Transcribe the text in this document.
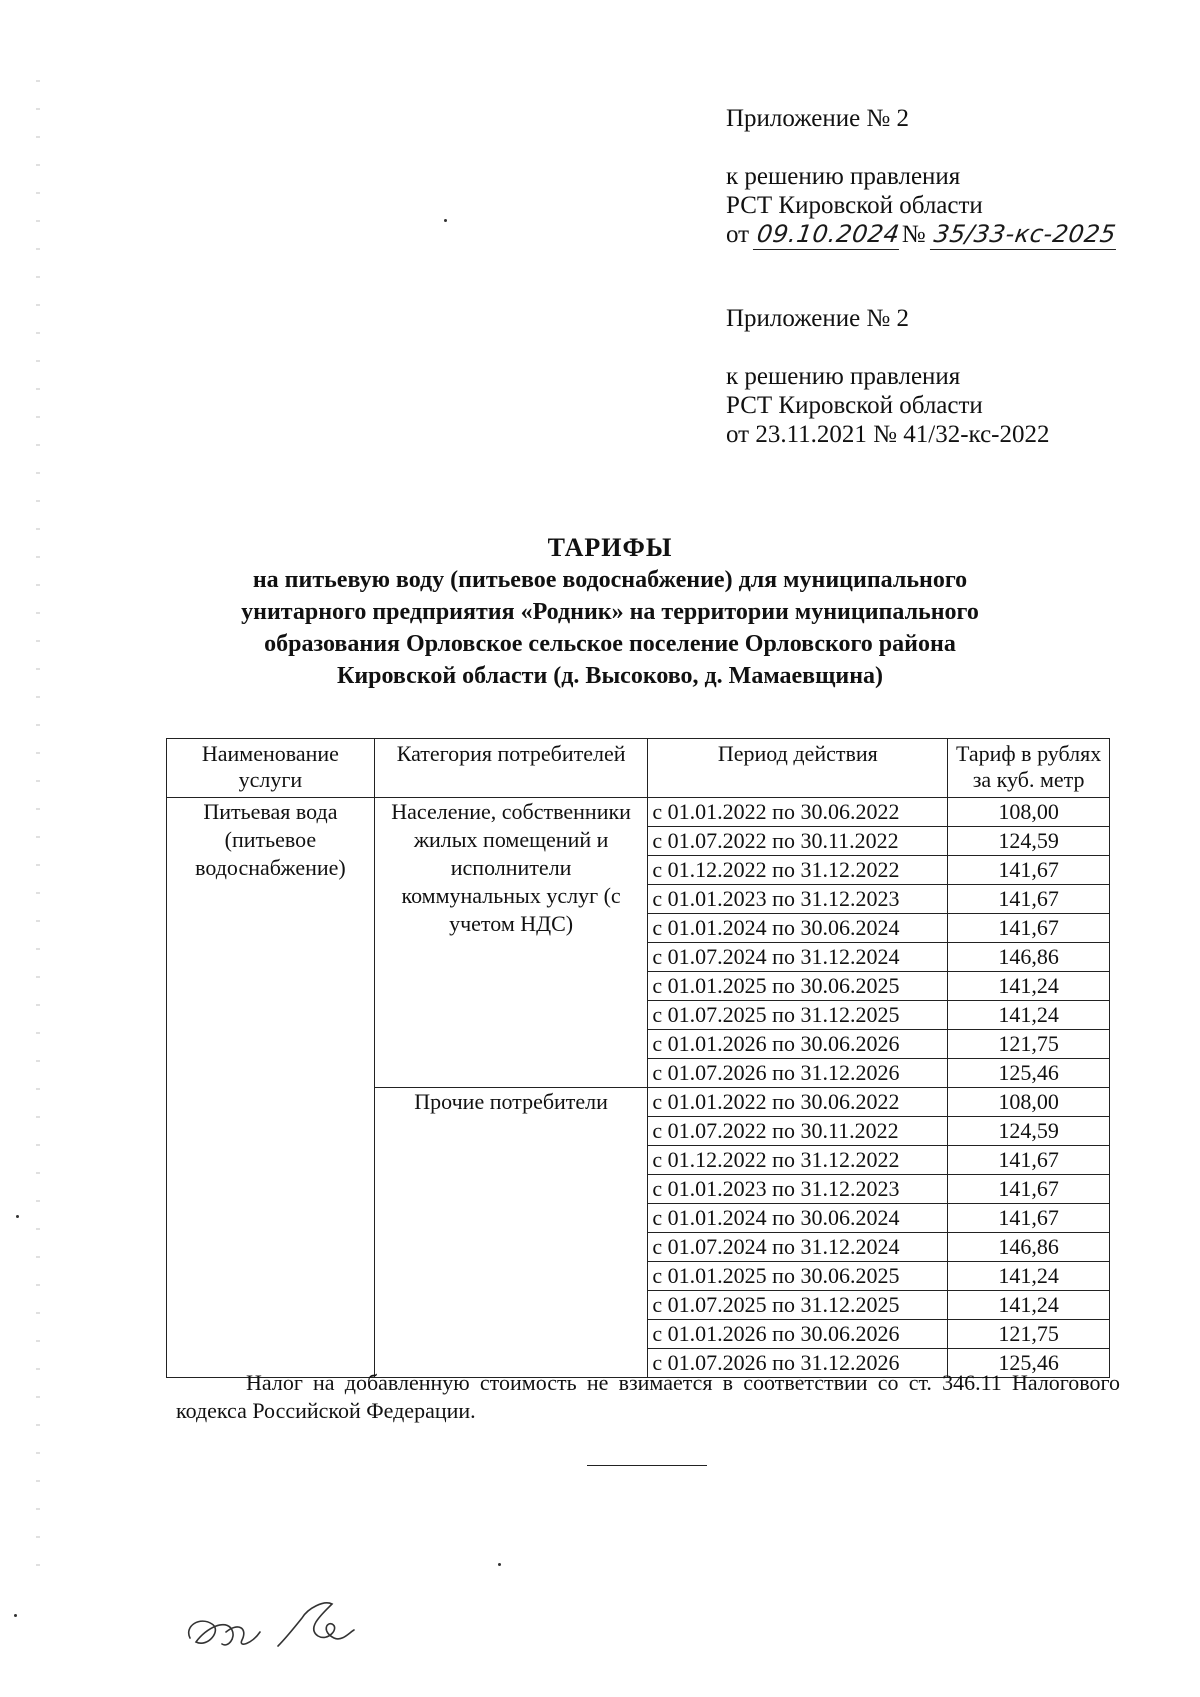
Приложение № 2
к решению правления
РСТ Кировской области
от 09.10.2024№ 35/33-кс-2025
Приложение № 2
к решению правления
РСТ Кировской области
от 23.11.2021 № 41/32-кс-2022
ТАРИФЫ
на питьевую воду (питьевое водоснабжение) для муниципального
унитарного предприятия «Родник» на территории муниципального
образования Орловское сельское поселение Орловского района
Кировской области (д. Высоково, д. Мамаевщина)
Наименование услуги	Категория потребителей	Период действия	Тариф в рублях за куб. метр
Питьевая вода (питьевое водоснабжение)	Население, собственники жилых помещений и исполнители коммунальных услуг (с учетом НДС)	с 01.01.2022 по 30.06.2022	108,00
		с 01.07.2022 по 30.11.2022	124,59
		с 01.12.2022 по 31.12.2022	141,67
		с 01.01.2023 по 31.12.2023	141,67
		с 01.01.2024 по 30.06.2024	141,67
		с 01.07.2024 по 31.12.2024	146,86
		с 01.01.2025 по 30.06.2025	141,24
		с 01.07.2025 по 31.12.2025	141,24
		с 01.01.2026 по 30.06.2026	121,75
		с 01.07.2026 по 31.12.2026	125,46
	Прочие потребители	с 01.01.2022 по 30.06.2022	108,00
		с 01.07.2022 по 30.11.2022	124,59
		с 01.12.2022 по 31.12.2022	141,67
		с 01.01.2023 по 31.12.2023	141,67
		с 01.01.2024 по 30.06.2024	141,67
		с 01.07.2024 по 31.12.2024	146,86
		с 01.01.2025 по 30.06.2025	141,24
		с 01.07.2025 по 31.12.2025	141,24
		с 01.01.2026 по 30.06.2026	121,75
		с 01.07.2026 по 31.12.2026	125,46
Налог на добавленную стоимость не взимается в соответствии со ст. 346.11 Налогового кодекса Российской Федерации.
